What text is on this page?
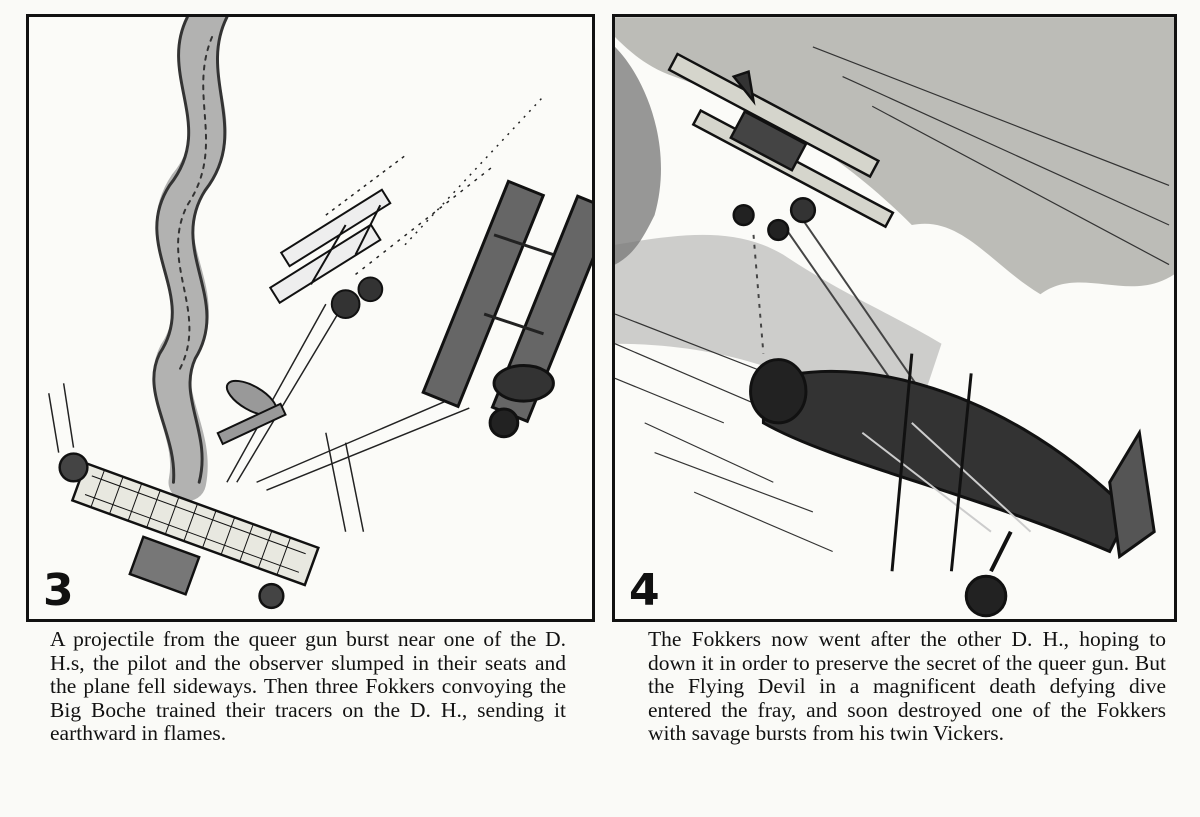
3	4

A projectile from the queer gun burst near one of the D. H.s, the pilot and the observer slumped in their seats and the plane fell sideways. Then three Fokkers convoying the Big Boche trained their tracers on the D. H., sending it earthward in flames.

The Fokkers now went after the other D. H., hoping to down it in order to preserve the secret of the queer gun. But the Flying Devil in a magnificent death defying dive entered the fray, and soon destroyed one of the Fokkers with savage bursts from his twin Vickers.
